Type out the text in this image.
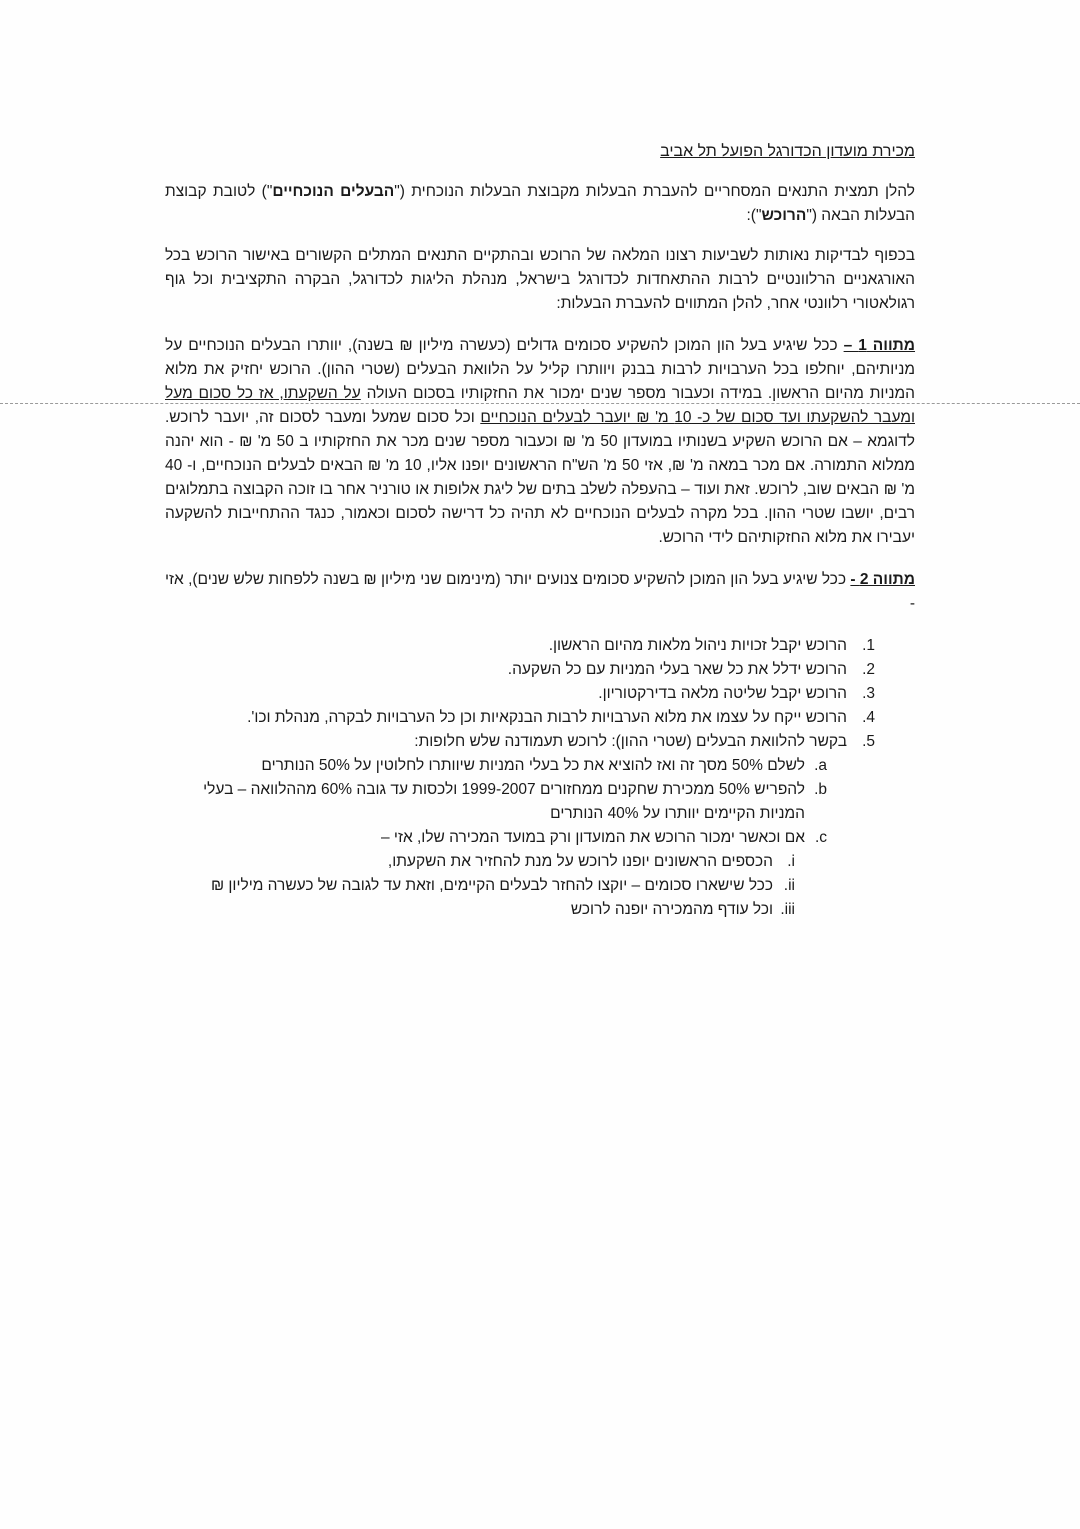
מכירת מועדון הכדורגל הפועל תל אביב

להלן תמצית התנאים המסחריים להעברת הבעלות מקבוצת הבעלות הנוכחית ("הבעלים הנוכחיים") לטובת קבוצת הבעלות הבאה ("הרוכש"):

בכפוף לבדיקות נאותות לשביעות רצונו המלאה של הרוכש ובהתקיים התנאים המתלים הקשורים באישור הרוכש בכל האורגאניים הרלוונטיים לרבות ההתאחדות לכדורגל בישראל, מנהלת הליגות לכדורגל, הבקרה התקציבית וכל גוף רגולאטורי רלוונטי אחר, להלן המתווים להעברת הבעלות:

מתווה 1 – ככל שיגיע בעל הון המוכן להשקיע סכומים גדולים (כעשרה מיליון ₪ בשנה), יוותרו הבעלים הנוכחיים על מניותיהם, יוחלפו בכל הערבויות לרבות בבנק ויוותרו קליל על הלוואת הבעלים (שטרי ההון). הרוכש יחזיק את מלוא המניות מהיום הראשון. במידה וכעבור מספר שנים ימכור את החזקותיו בסכום העולה על השקעתו, אז כל סכום מעל ומעבר להשקעתו ועד סכום של כ- 10 מ' ₪ יועבר לבעלים הנוכחיים וכל סכום שמעל ומעבר לסכום זה, יועבר לרוכש. לדוגמא – אם הרוכש השקיע בשנותיו במועדון 50 מ' ₪ וכעבור מספר שנים מכר את החזקותיו ב 50 מ' ₪ - הוא יהנה ממלוא התמורה. אם מכר במאה מ' ₪, אזי 50 מ' הש"ח הראשונים יופנו אליו, 10 מ' ₪ הבאים לבעלים הנוכחיים, ו- 40 מ' ₪ הבאים שוב, לרוכש. זאת ועוד – בהעפלה לשלב בתים של ליגת אלופות או טורניר אחר בו זוכה הקבוצה בתמלוגים רבים, יושבו שטרי ההון. בכל מקרה לבעלים הנוכחיים לא תהיה כל דרישה לסכום וכאמור, כנגד ההתחייבות להשקעה יעבירו את מלוא החזקותיהם לידי הרוכש.

מתווה 2 - ככל שיגיע בעל הון המוכן להשקיע סכומים צנועים יותר (מינימום שני מיליון ₪ בשנה ללפחות שלש שנים), אזי -

1.
הרוכש יקבל זכויות ניהול מלאות מהיום הראשון.
2.
הרוכש ידלל את כל שאר בעלי המניות עם כל השקעה.
3.
הרוכש יקבל שליטה מלאה בדירקטוריון.
4.
הרוכש ייקח על עצמו את מלוא הערבויות לרבות הבנקאיות וכן כל הערבויות לבקרה, מנהלת וכו'.
5.
בקשר להלוואת הבעלים (שטרי ההון): לרוכש תעמודנה שלש חלופות:
a.
לשלם 50% מסך זה ואז להוציא את כל בעלי המניות שיוותרו לחלוטין על 50% הנותרים
b.
להפריש 50% ממכירת שחקנים ממחזורים 1999-2007 ולכסות עד גובה 60% מההלוואה – בעלי המניות הקיימים יוותרו על 40% הנותרים
c.
אם וכאשר ימכור הרוכש את המועדון ורק במועד המכירה שלו, אזי –
i.
הכספים הראשונים יופנו לרוכש על מנת להחזיר את השקעתו,
ii.
ככל שישארו סכומים – יוקצו להחזר לבעלים הקיימים, וזאת עד לגובה של כעשרה מיליון ₪
iii.
וכל עודף מהמכירה יופנה לרוכש
